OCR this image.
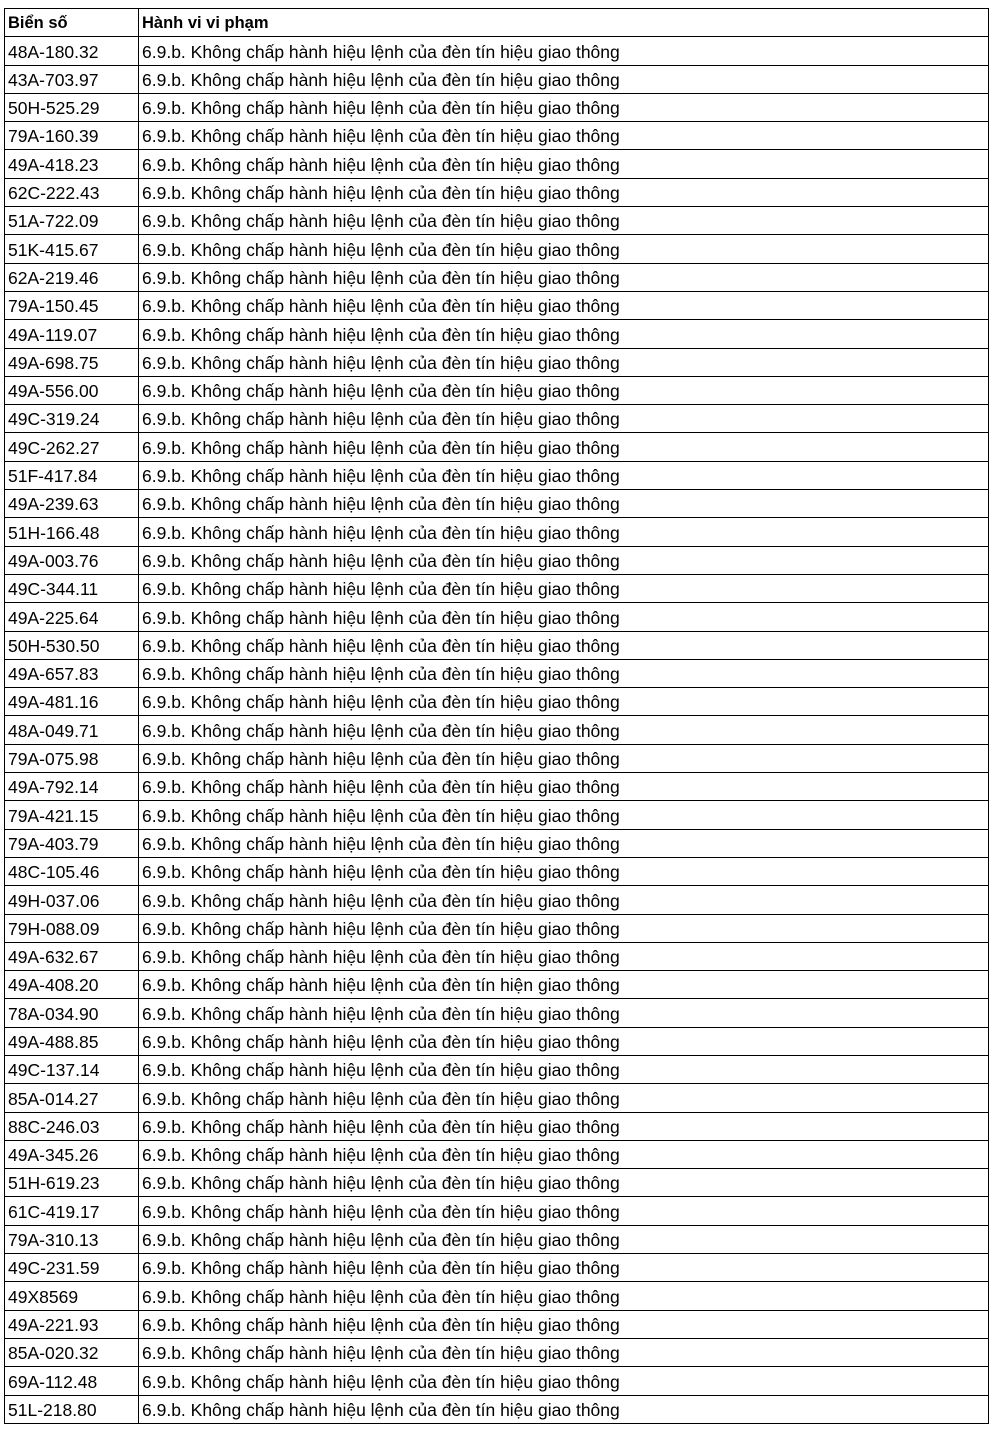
Biển số	Hành vi vi phạm
48A-180.32	6.9.b. Không chấp hành hiệu lệnh của đèn tín hiệu giao thông
43A-703.97	6.9.b. Không chấp hành hiệu lệnh của đèn tín hiệu giao thông
50H-525.29	6.9.b. Không chấp hành hiệu lệnh của đèn tín hiệu giao thông
79A-160.39	6.9.b. Không chấp hành hiệu lệnh của đèn tín hiệu giao thông
49A-418.23	6.9.b. Không chấp hành hiệu lệnh của đèn tín hiệu giao thông
62C-222.43	6.9.b. Không chấp hành hiệu lệnh của đèn tín hiệu giao thông
51A-722.09	6.9.b. Không chấp hành hiệu lệnh của đèn tín hiệu giao thông
51K-415.67	6.9.b. Không chấp hành hiệu lệnh của đèn tín hiệu giao thông
62A-219.46	6.9.b. Không chấp hành hiệu lệnh của đèn tín hiệu giao thông
79A-150.45	6.9.b. Không chấp hành hiệu lệnh của đèn tín hiệu giao thông
49A-119.07	6.9.b. Không chấp hành hiệu lệnh của đèn tín hiệu giao thông
49A-698.75	6.9.b. Không chấp hành hiệu lệnh của đèn tín hiệu giao thông
49A-556.00	6.9.b. Không chấp hành hiệu lệnh của đèn tín hiệu giao thông
49C-319.24	6.9.b. Không chấp hành hiệu lệnh của đèn tín hiệu giao thông
49C-262.27	6.9.b. Không chấp hành hiệu lệnh của đèn tín hiệu giao thông
51F-417.84	6.9.b. Không chấp hành hiệu lệnh của đèn tín hiệu giao thông
49A-239.63	6.9.b. Không chấp hành hiệu lệnh của đèn tín hiệu giao thông
51H-166.48	6.9.b. Không chấp hành hiệu lệnh của đèn tín hiệu giao thông
49A-003.76	6.9.b. Không chấp hành hiệu lệnh của đèn tín hiệu giao thông
49C-344.11	6.9.b. Không chấp hành hiệu lệnh của đèn tín hiệu giao thông
49A-225.64	6.9.b. Không chấp hành hiệu lệnh của đèn tín hiệu giao thông
50H-530.50	6.9.b. Không chấp hành hiệu lệnh của đèn tín hiệu giao thông
49A-657.83	6.9.b. Không chấp hành hiệu lệnh của đèn tín hiệu giao thông
49A-481.16	6.9.b. Không chấp hành hiệu lệnh của đèn tín hiệu giao thông
48A-049.71	6.9.b. Không chấp hành hiệu lệnh của đèn tín hiệu giao thông
79A-075.98	6.9.b. Không chấp hành hiệu lệnh của đèn tín hiệu giao thông
49A-792.14	6.9.b. Không chấp hành hiệu lệnh của đèn tín hiệu giao thông
79A-421.15	6.9.b. Không chấp hành hiệu lệnh của đèn tín hiệu giao thông
79A-403.79	6.9.b. Không chấp hành hiệu lệnh của đèn tín hiệu giao thông
48C-105.46	6.9.b. Không chấp hành hiệu lệnh của đèn tín hiệu giao thông
49H-037.06	6.9.b. Không chấp hành hiệu lệnh của đèn tín hiệu giao thông
79H-088.09	6.9.b. Không chấp hành hiệu lệnh của đèn tín hiệu giao thông
49A-632.67	6.9.b. Không chấp hành hiệu lệnh của đèn tín hiệu giao thông
49A-408.20	6.9.b. Không chấp hành hiệu lệnh của đèn tín hiện giao thông
78A-034.90	6.9.b. Không chấp hành hiệu lệnh của đèn tín hiệu giao thông
49A-488.85	6.9.b. Không chấp hành hiệu lệnh của đèn tín hiệu giao thông
49C-137.14	6.9.b. Không chấp hành hiệu lệnh của đèn tín hiệu giao thông
85A-014.27	6.9.b. Không chấp hành hiệu lệnh của đèn tín hiệu giao thông
88C-246.03	6.9.b. Không chấp hành hiệu lệnh của đèn tín hiệu giao thông
49A-345.26	6.9.b. Không chấp hành hiệu lệnh của đèn tín hiệu giao thông
51H-619.23	6.9.b. Không chấp hành hiệu lệnh của đèn tín hiệu giao thông
61C-419.17	6.9.b. Không chấp hành hiệu lệnh của đèn tín hiệu giao thông
79A-310.13	6.9.b. Không chấp hành hiệu lệnh của đèn tín hiệu giao thông
49C-231.59	6.9.b. Không chấp hành hiệu lệnh của đèn tín hiệu giao thông
49X8569	6.9.b. Không chấp hành hiệu lệnh của đèn tín hiệu giao thông
49A-221.93	6.9.b. Không chấp hành hiệu lệnh của đèn tín hiệu giao thông
85A-020.32	6.9.b. Không chấp hành hiệu lệnh của đèn tín hiệu giao thông
69A-112.48	6.9.b. Không chấp hành hiệu lệnh của đèn tín hiệu giao thông
51L-218.80	6.9.b. Không chấp hành hiệu lệnh của đèn tín hiệu giao thông
